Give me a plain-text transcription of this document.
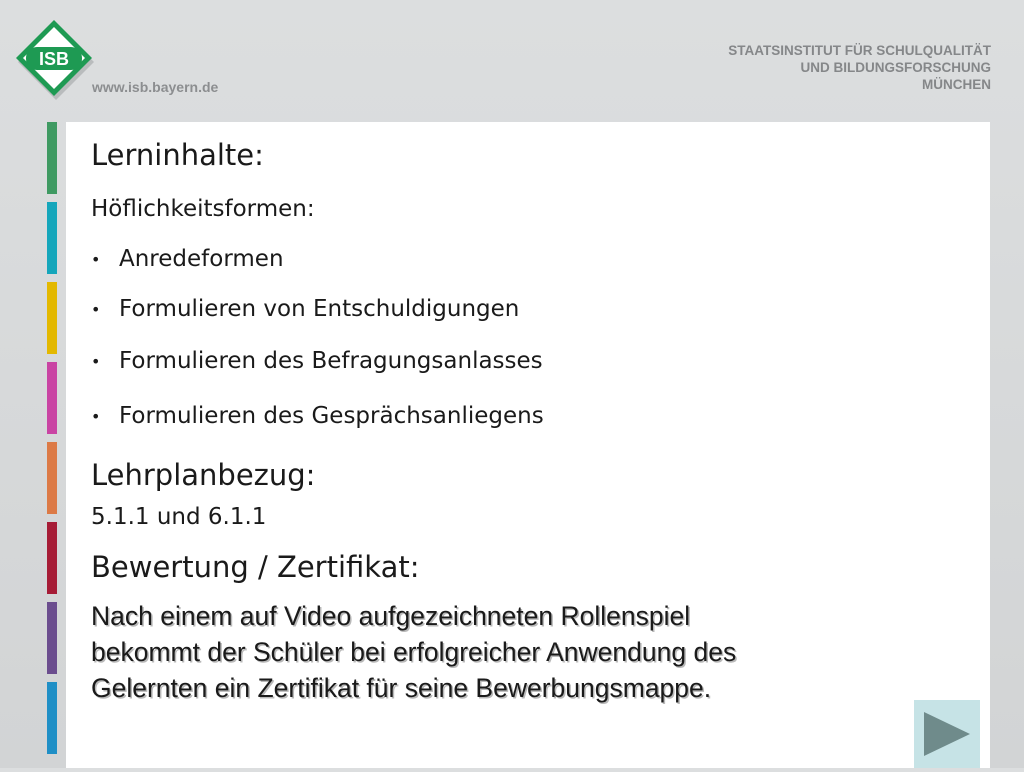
ISB
www.isb.bayern.de
STAATSINSTITUT FÜR SCHULQUALITÄT
UND BILDUNGSFORSCHUNG
MÜNCHEN
Lerninhalte:
Höflichkeitsformen:
• Anredeformen
• Formulieren von Entschuldigungen
• Formulieren des Befragungsanlasses
• Formulieren des Gesprächsanliegens
Lehrplanbezug:
5.1.1 und 6.1.1
Bewertung / Zertifikat:
Nach einem auf Video aufgezeichneten Rollenspiel
bekommt der Schüler bei erfolgreicher Anwendung des
Gelernten ein Zertifikat für seine Bewerbungsmappe.
